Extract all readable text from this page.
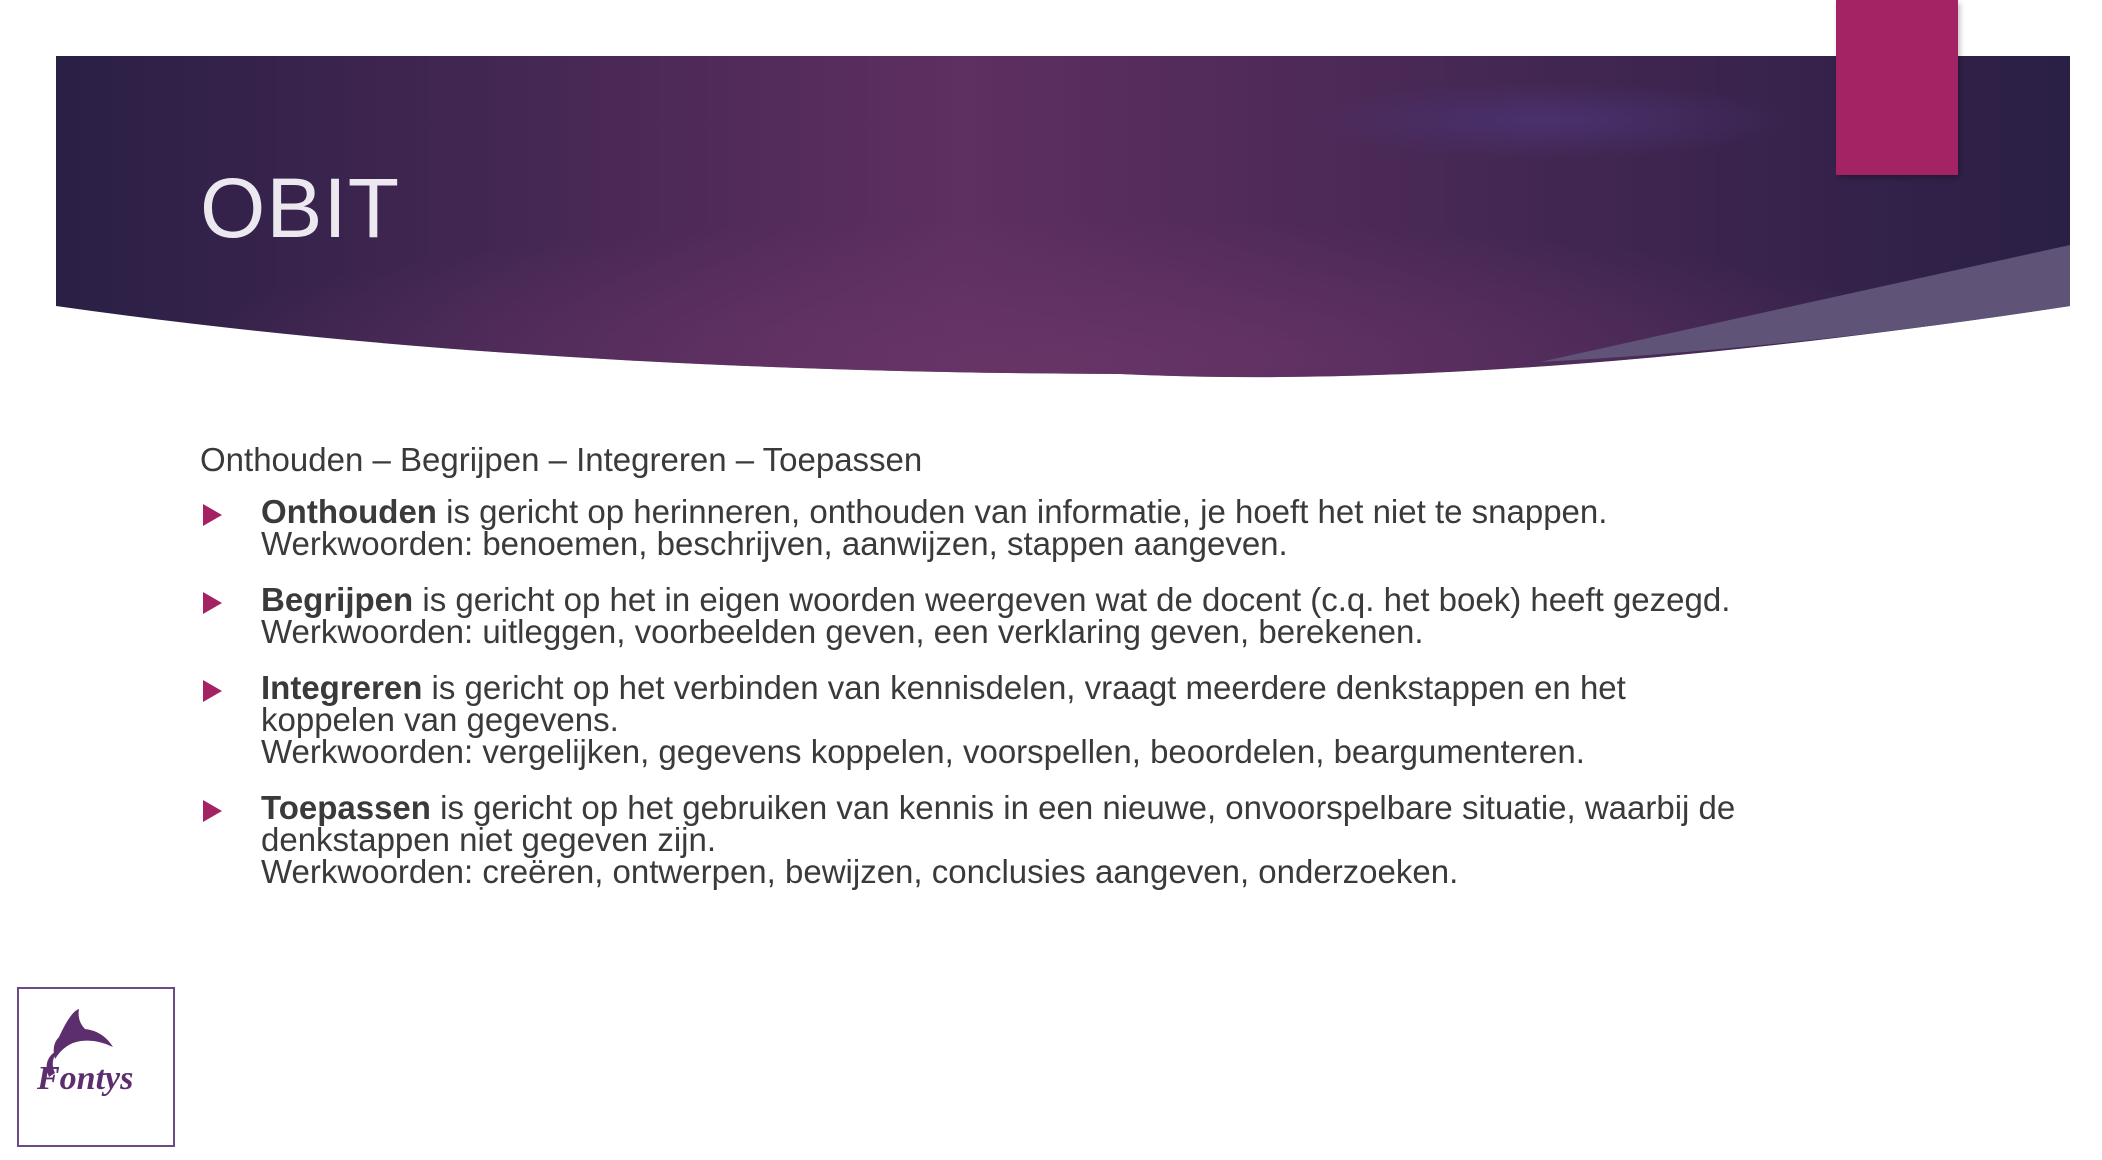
OBIT
Onthouden – Begrijpen – Integreren – Toepassen
Onthouden is gericht op herinneren, onthouden van informatie, je hoeft het niet te snappen.
Werkwoorden: benoemen, beschrijven, aanwijzen, stappen aangeven.
Begrijpen is gericht op het in eigen woorden weergeven wat de docent (c.q. het boek) heeft gezegd.
Werkwoorden: uitleggen, voorbeelden geven, een verklaring geven, berekenen.
Integreren is gericht op het verbinden van kennisdelen, vraagt meerdere denkstappen en het koppelen van gegevens.
Werkwoorden: vergelijken, gegevens koppelen, voorspellen, beoordelen, beargumenteren.
Toepassen is gericht op het gebruiken van kennis in een nieuwe, onvoorspelbare situatie, waarbij de denkstappen niet gegeven zijn.
Werkwoorden: creëren, ontwerpen, bewijzen, conclusies aangeven, onderzoeken.
Fontys
